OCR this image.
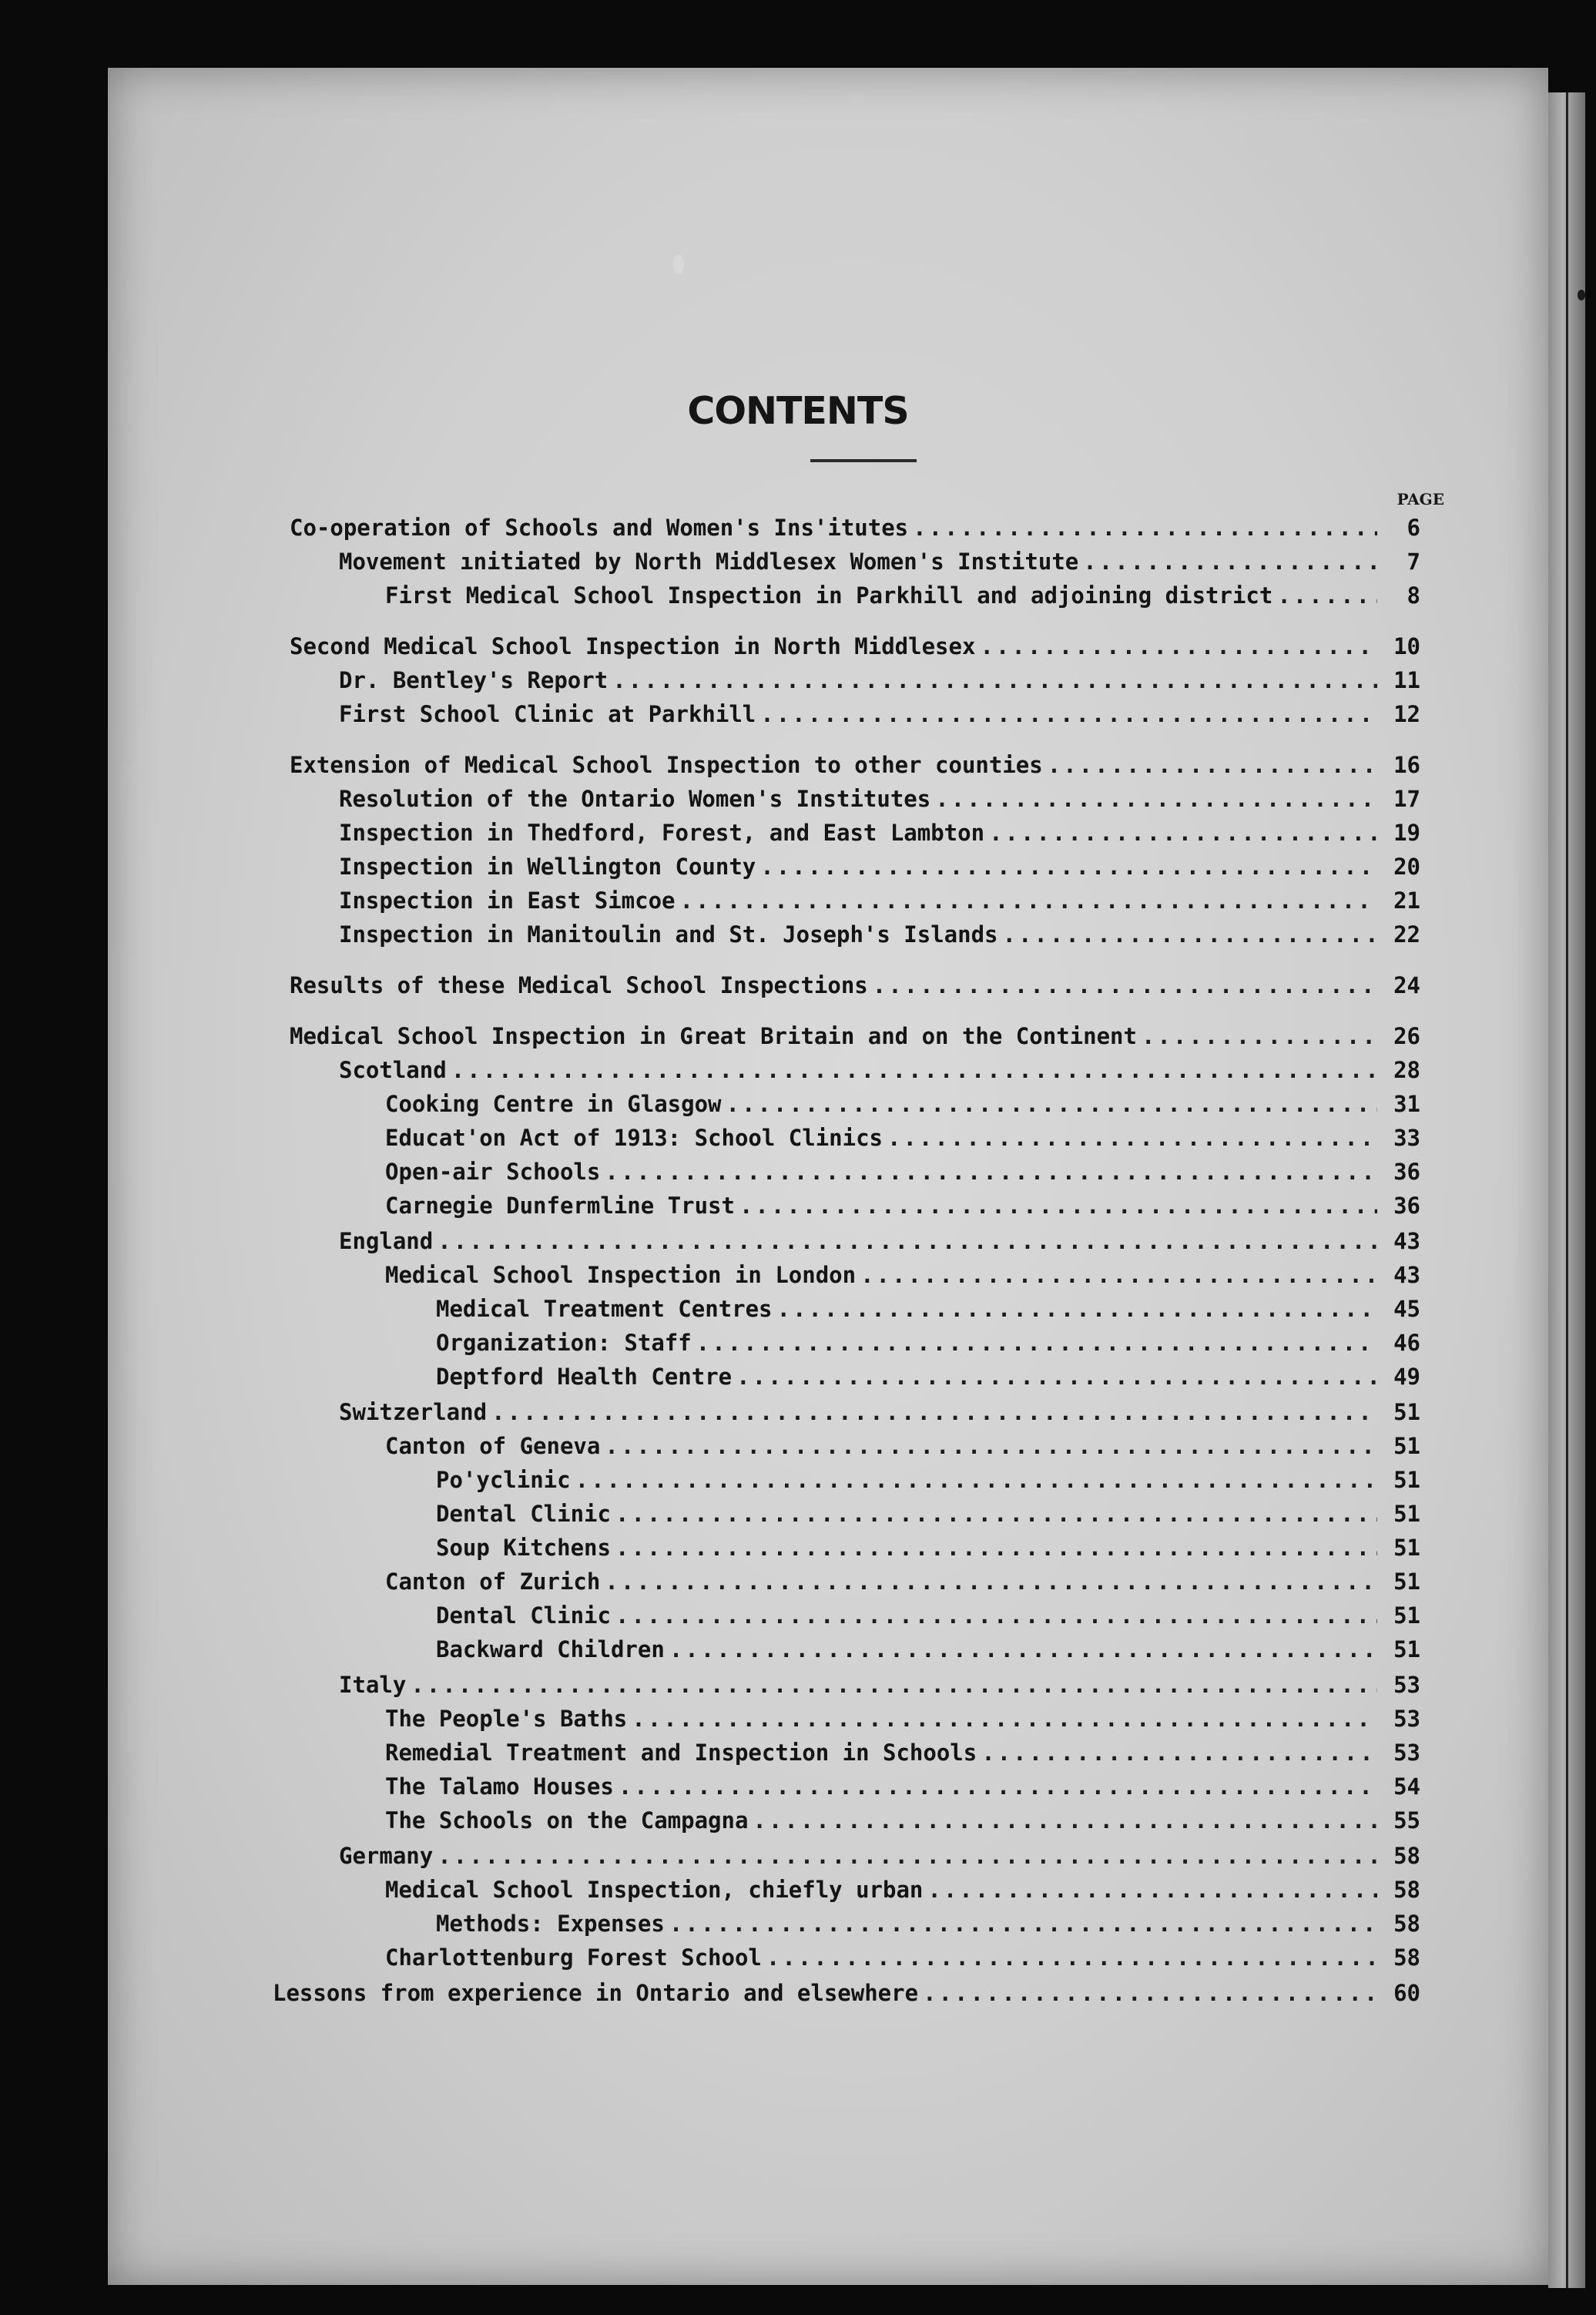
CONTENTS
PAGE
Co-operation of Schools and Women's Ins'itutes .....	6
Movement ınitiated by North Middlesex Women's Institute .....	7
First Medical School Inspection in Parkhill and adjoining district .....	8
Second Medical School Inspection in North Middlesex .....	10
Dr. Bentley's Report .....	11
First School Clinic at Parkhill .....	12
Extension of Medical School Inspection to other counties .....	16
Resolution of the Ontario Women's Institutes .....	17
Inspection in Thedford, Forest, and East Lambton .....	19
Inspection in Wellington County .....	20
Inspection in East Simcoe .....	21
Inspection in Manitoulin and St. Joseph's Islands .....	22
Results of these Medical School Inspections .....	24
Medical School Inspection in Great Britain and on the Continent .....	26
Scotland .....	28
Cooking Centre in Glasgow .....	31
Educat'on Act of 1913: School Clinics .....	33
Open-air Schools .....	36
Carnegie Dunfermline Trust .....	36
England .....	43
Medical School Inspection in London .....	43
Medical Treatment Centres .....	45
Organization: Staff .....	46
Deptford Health Centre .....	49
Switzerland .....	51
Canton of Geneva .....	51
Po'yclinic .....	51
Dental Clinic .....	51
Soup Kitchens .....	51
Canton of Zurich .....	51
Dental Clinic .....	51
Backward Children .....	51
Italy .....	53
The People's Baths .....	53
Remedial Treatment and Inspection in Schools .....	53
The Talamo Houses .....	54
The Schools on the Campagna .....	55
Germany .....	58
Medical School Inspection, chiefly urban .....	58
Methods: Expenses .....	58
Charlottenburg Forest School .....	58
Lessons from experience in Ontario and elsewhere .....	60
